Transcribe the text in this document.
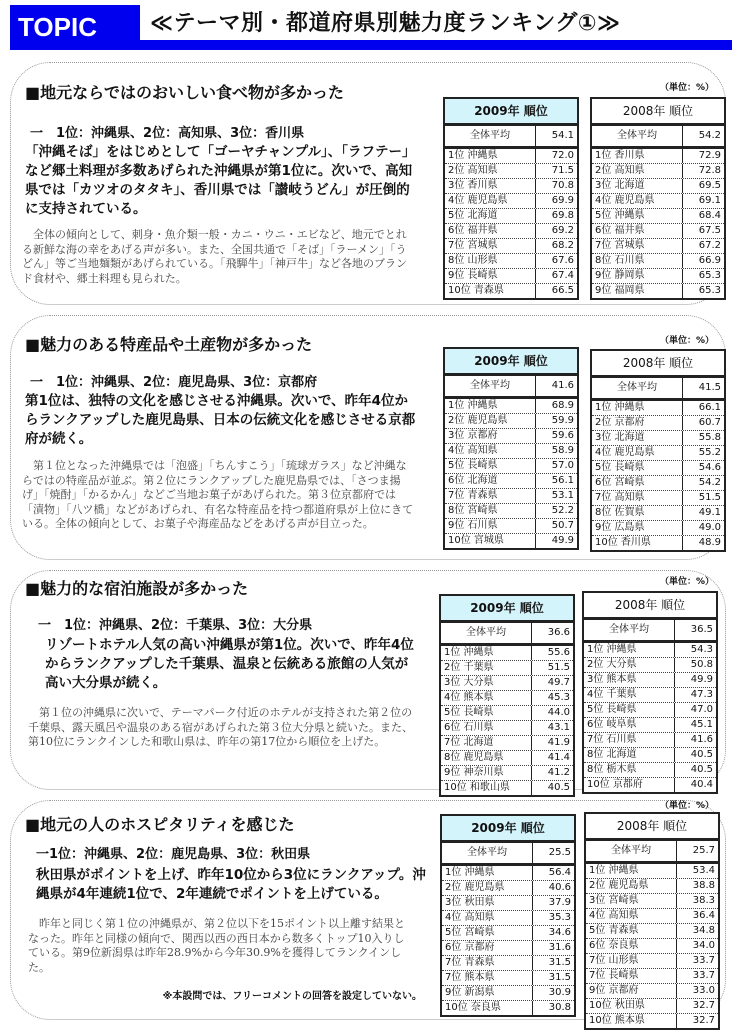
TOPIC	≪テーマ別・都道府県別魅力度ランキング①≫
■地元ならではのおいしい食べ物が多かった
一　1位：沖縄県、2位：高知県、3位：香川県
「沖縄そば」をはじめとして「ゴーヤチャンプル」、「ラフテー」など郷土料理が多数あげられた沖縄県が第1位に。次いで、高知県では「カツオのタタキ」、香川県では「讃岐うどん」が圧倒的に支持されている。
全体の傾向として、刺身・魚介類一般・カニ・ウニ・エビなど、地元でとれる新鮮な海の幸をあげる声が多い。また、全国共通で「そば」「ラーメン」「うどん」等ご当地麺類があげられている。「飛騨牛」「神戸牛」など各地のブランド食材や、郷土料理も見られた。
（単位：%）
2009年 順位
全体平均	54.1
1位 沖縄県	72.0
2位 高知県	71.5
3位 香川県	70.8
4位 鹿児島県	69.9
5位 北海道	69.8
6位 福井県	69.2
7位 宮城県	68.2
8位 山形県	67.6
9位 長崎県	67.4
10位 青森県	66.5
2008年 順位
全体平均	54.2
1位 香川県	72.9
2位 高知県	72.8
3位 北海道	69.5
4位 鹿児島県	69.1
5位 沖縄県	68.4
6位 福井県	67.5
7位 宮城県	67.2
8位 石川県	66.9
9位 静岡県	65.3
9位 福岡県	65.3
■魅力のある特産品や土産物が多かった
一　1位：沖縄県、2位：鹿児島県、3位：京都府
第1位は、独特の文化を感じさせる沖縄県。次いで、昨年4位からランクアップした鹿児島県、日本の伝統文化を感じさせる京都府が続く。
第１位となった沖縄県では「泡盛」「ちんすこう」「琉球ガラス」など沖縄ならではの特産品が並ぶ。第２位にランクアップした鹿児島県では、「さつま揚げ」「焼酎」「かるかん」などご当地お菓子があげられた。第３位京都府では「漬物」「八ツ橋」などがあげられ、有名な特産品を持つ都道府県が上位にきている。全体の傾向として、お菓子や海産品などをあげる声が目立った。
（単位：%）
2009年 順位
全体平均	41.6
1位 沖縄県	68.9
2位 鹿児島県	59.9
3位 京都府	59.6
4位 高知県	58.9
5位 長崎県	57.0
6位 北海道	56.1
7位 青森県	53.1
8位 宮崎県	52.2
9位 石川県	50.7
10位 宮城県	49.9
2008年 順位
全体平均	41.5
1位 沖縄県	66.1
2位 京都府	60.7
3位 北海道	55.8
4位 鹿児島県	55.2
5位 長崎県	54.6
6位 宮崎県	54.2
7位 高知県	51.5
8位 佐賀県	49.1
9位 広島県	49.0
10位 香川県	48.9
■魅力的な宿泊施設が多かった
一　1位：沖縄県、2位：千葉県、3位：大分県
リゾートホテル人気の高い沖縄県が第1位。次いで、昨年4位からランクアップした千葉県、温泉と伝統ある旅館の人気が高い大分県が続く。
第１位の沖縄県に次いで、テーマパーク付近のホテルが支持された第２位の千葉県、露天風呂や温泉のある宿があげられた第３位大分県と続いた。また、第10位にランクインした和歌山県は、昨年の第17位から順位を上げた。
（単位：%）
2009年 順位
全体平均	36.6
1位 沖縄県	55.6
2位 千葉県	51.5
3位 大分県	49.7
4位 熊本県	45.3
5位 長崎県	44.0
6位 石川県	43.1
7位 北海道	41.9
8位 鹿児島県	41.4
9位 神奈川県	41.2
10位 和歌山県	40.5
2008年 順位
全体平均	36.5
1位 沖縄県	54.3
2位 大分県	50.8
3位 熊本県	49.9
4位 千葉県	47.3
5位 長崎県	47.0
6位 岐阜県	45.1
7位 石川県	41.6
8位 北海道	40.5
8位 栃木県	40.5
10位 京都府	40.4
■地元の人のホスピタリティを感じた
一1位：沖縄県、2位：鹿児島県、3位：秋田県
秋田県がポイントを上げ、昨年10位から3位にランクアップ。沖縄県が4年連続1位で、2年連続でポイントを上げている。
昨年と同じく第１位の沖縄県が、第２位以下を15ポイント以上離す結果となった。昨年と同様の傾向で、関西以西の西日本から数多くトップ10入りしている。第9位新潟県は昨年28.9%から今年30.9%を獲得してランクインした。
※本設問では、フリーコメントの回答を設定していない。
（単位：%）
2009年 順位
全体平均	25.5
1位 沖縄県	56.4
2位 鹿児島県	40.6
3位 秋田県	37.9
4位 高知県	35.3
5位 宮崎県	34.6
6位 京都府	31.6
7位 青森県	31.5
7位 熊本県	31.5
9位 新潟県	30.9
10位 奈良県	30.8
2008年 順位
全体平均	25.7
1位 沖縄県	53.4
2位 鹿児島県	38.8
3位 宮崎県	38.3
4位 高知県	36.4
5位 青森県	34.8
6位 奈良県	34.0
7位 山形県	33.7
7位 長崎県	33.7
9位 京都府	33.0
10位 秋田県	32.7
10位 熊本県	32.7
